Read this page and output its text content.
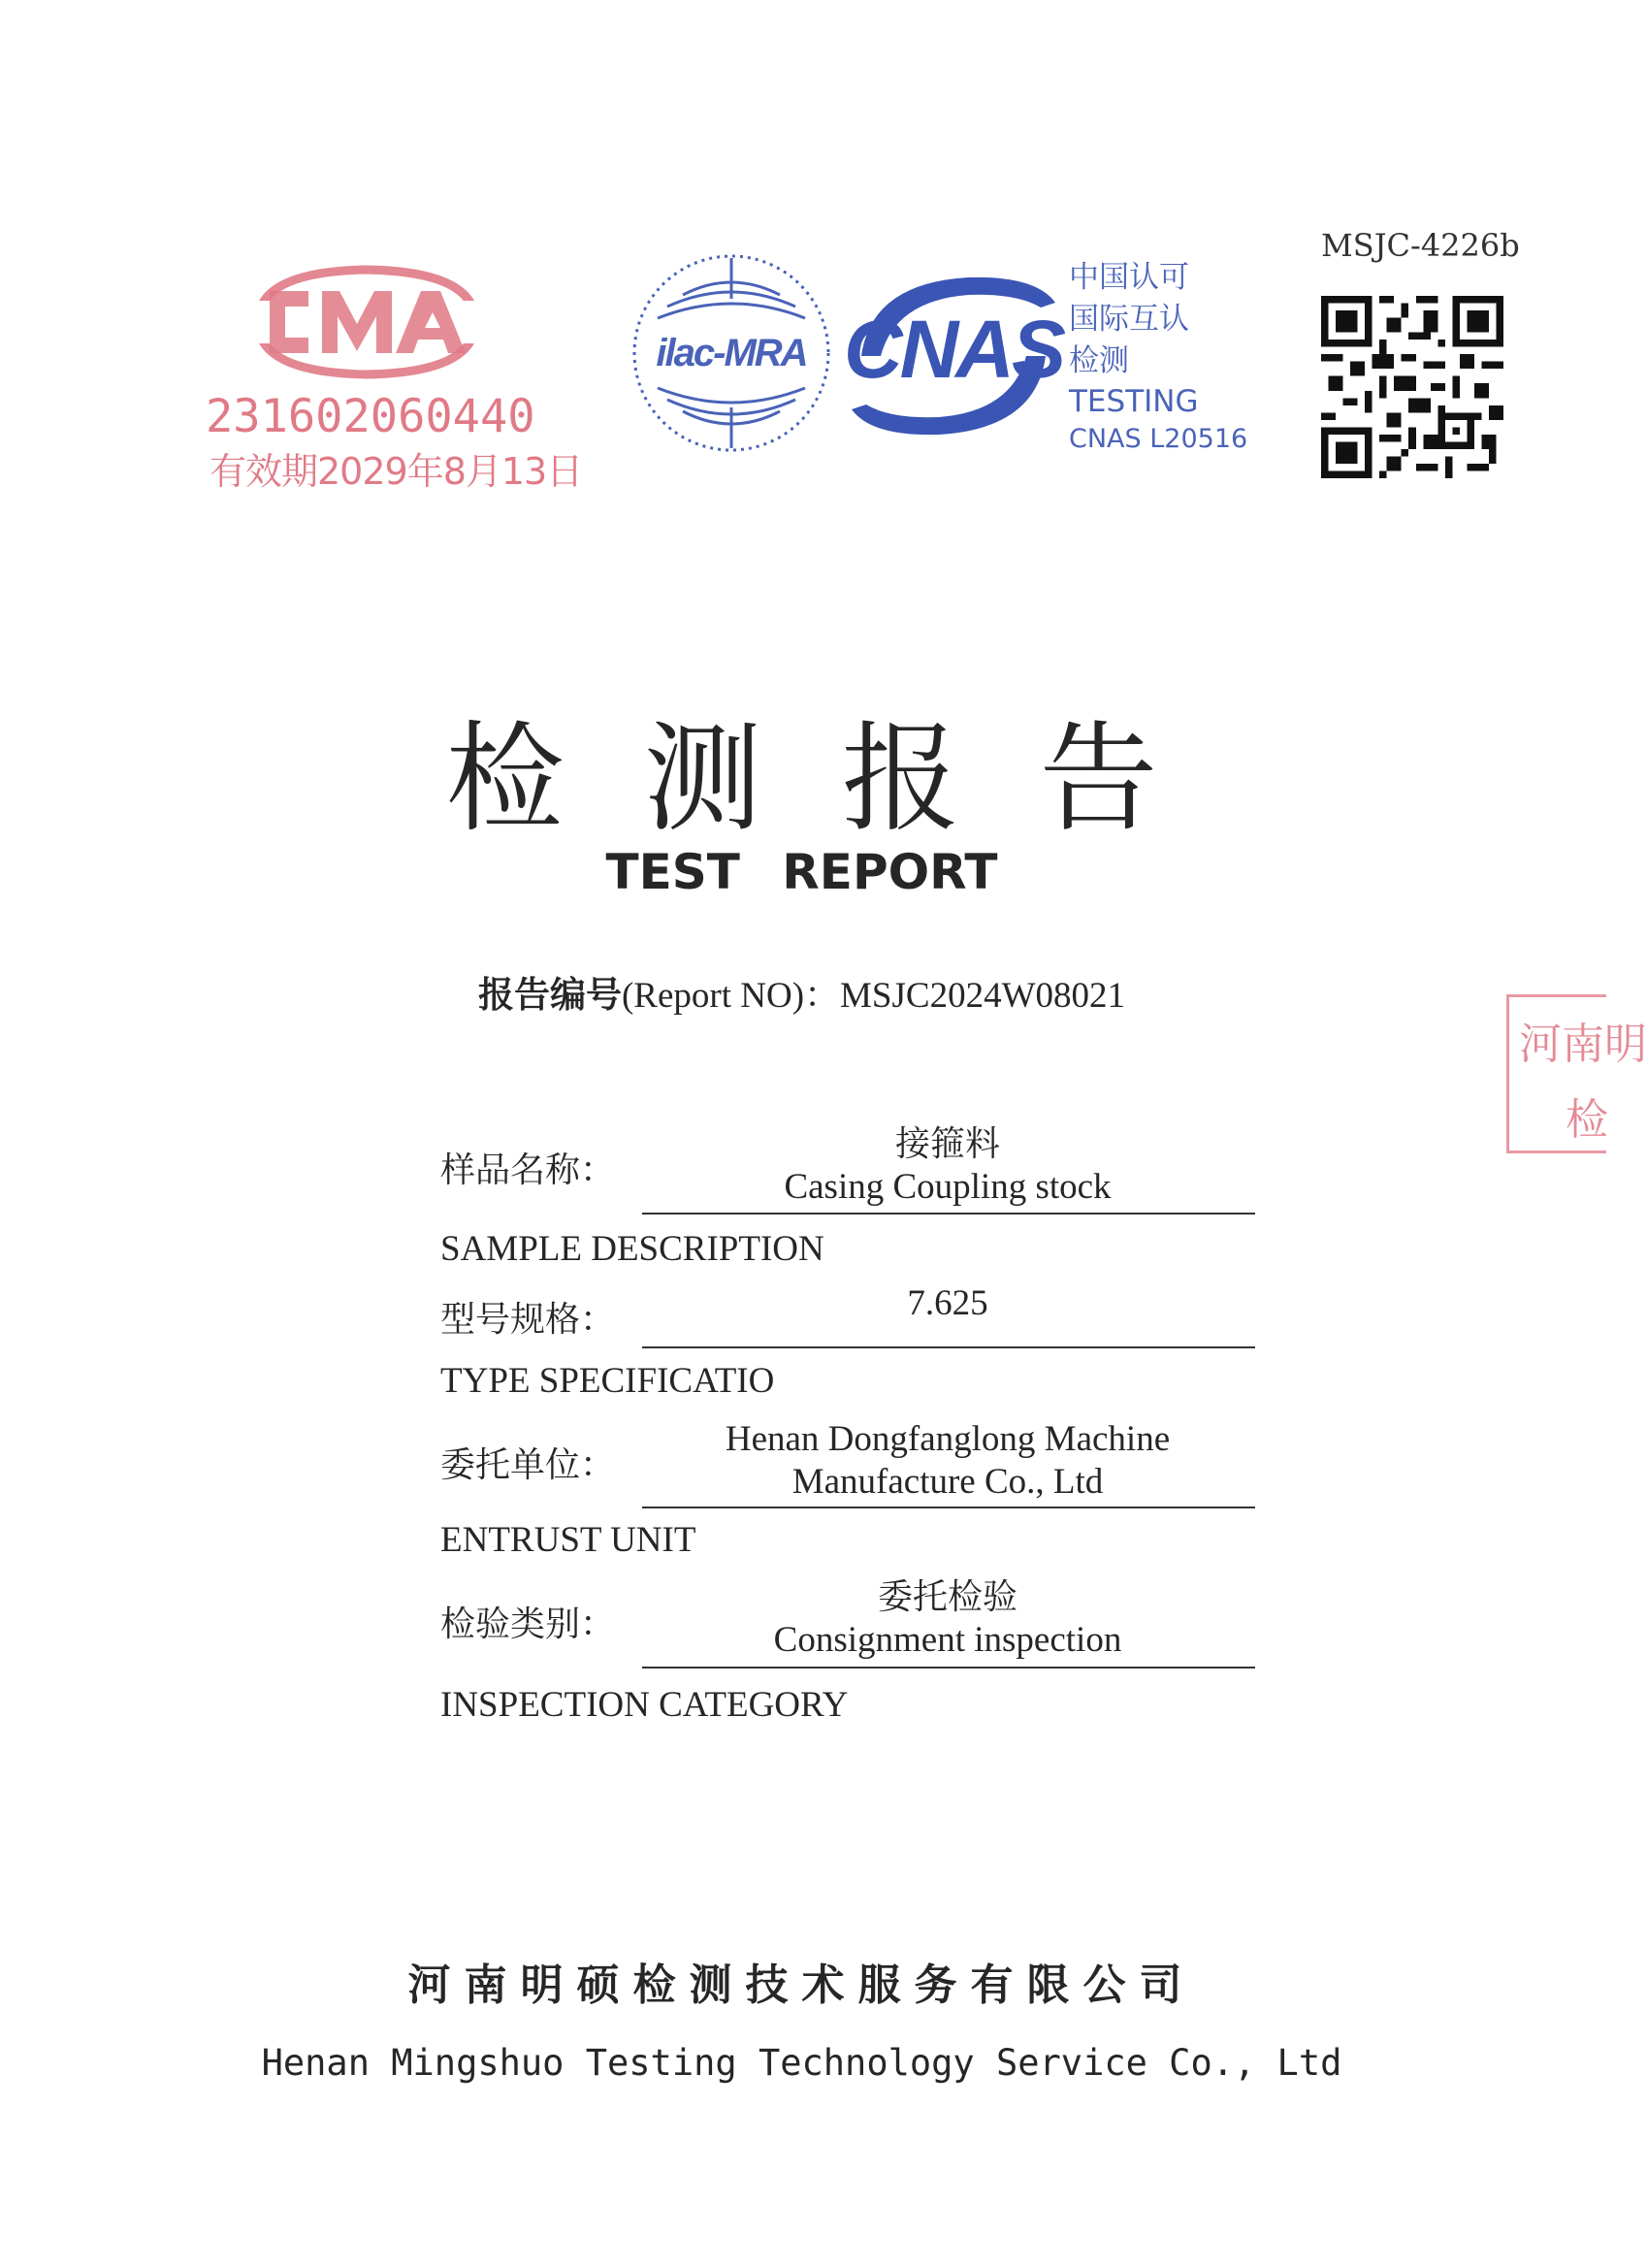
231602060440
有效期2029年8月13日
ilac-MRA CNAS
中国认可
国际互认
检测
TESTING
CNAS L20516
MSJC-4226b
河南明
检
检测报告
TEST REPORT
报告编号(Report NO)：MSJC2024W08021
样品名称：
接箍料
Casing Coupling stock
SAMPLE DESCRIPTION
型号规格：	7.625
TYPE SPECIFICATIO
委托单位：
Henan Dongfanglong Machine
Manufacture Co., Ltd
ENTRUST UNIT
检验类别：
委托检验
Consignment inspection
INSPECTION CATEGORY
河南明硕检测技术服务有限公司
Henan Mingshuo Testing Technology Service Co., Ltd
